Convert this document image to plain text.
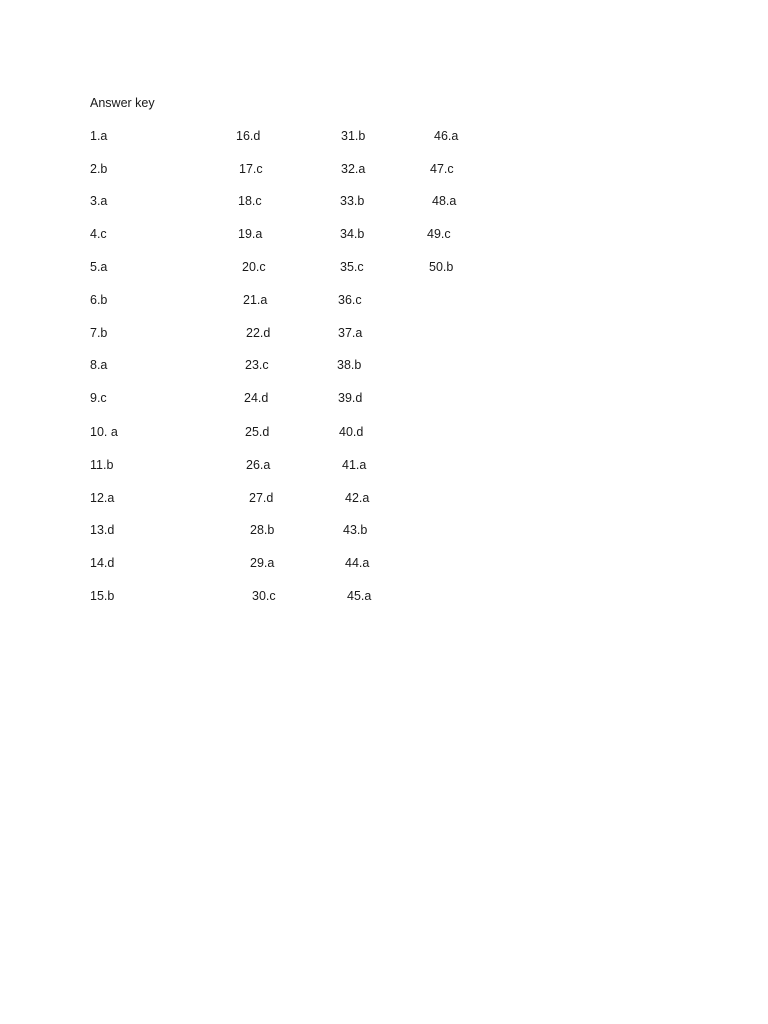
Answer key
1.a	16.d	31.b	46.a
2.b	17.c	32.a	47.c
3.a	18.c	33.b	48.a
4.c	19.a	34.b	49.c
5.a	20.c	35.c	50.b
6.b	21.a	36.c
7.b	22.d	37.a
8.a	23.c	38.b
9.c	24.d	39.d
10. a	25.d	40.d
11.b	26.a	41.a
12.a	27.d	42.a
13.d	28.b	43.b
14.d	29.a	44.a
15.b	30.c	45.a
